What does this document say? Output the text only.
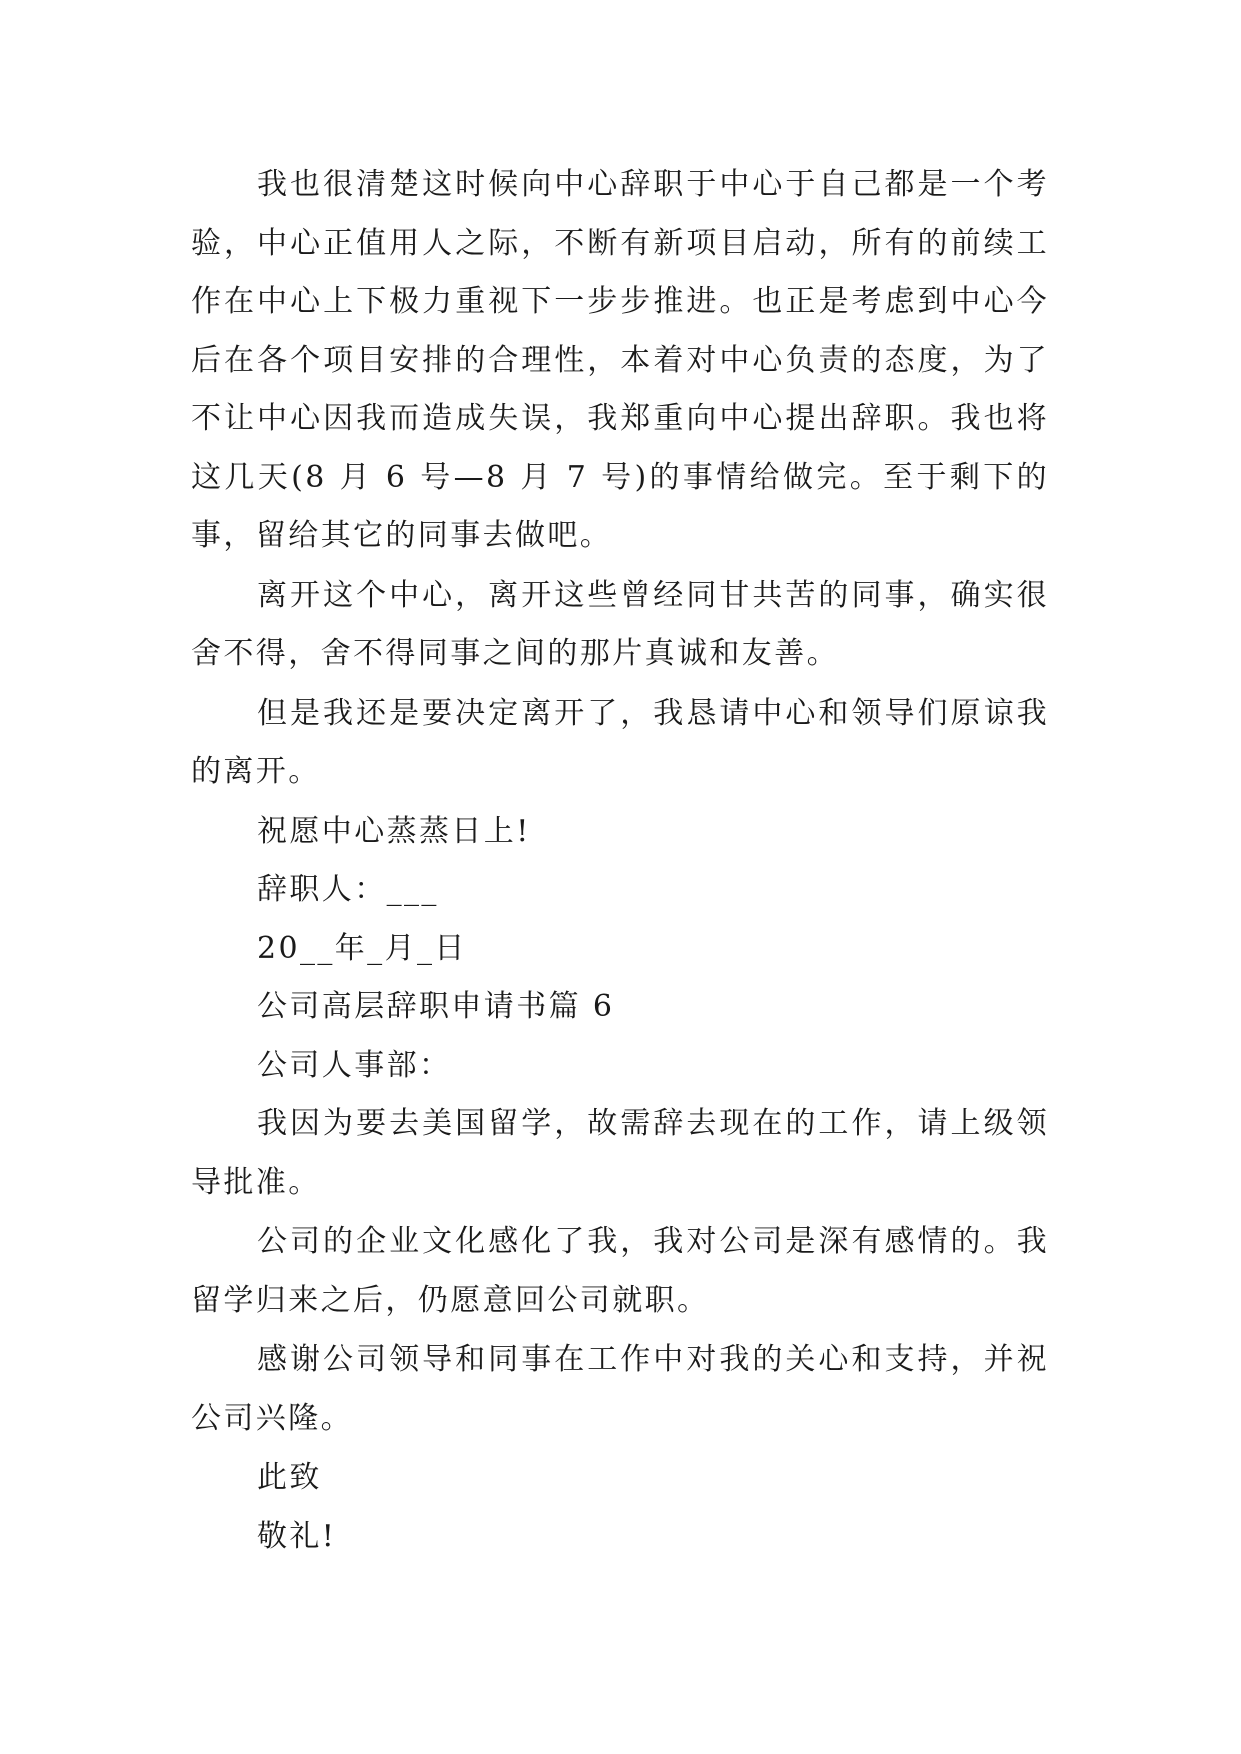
我也很清楚这时候向中心辞职于中心于自己都是一个考验，中心正值用人之际，不断有新项目启动，所有的前续工作在中心上下极力重视下一步步推进。也正是考虑到中心今后在各个项目安排的合理性，本着对中心负责的态度，为了不让中心因我而造成失误，我郑重向中心提出辞职。我也将这几天(8 月 6 号—8 月 7 号)的事情给做完。至于剩下的事，留给其它的同事去做吧。

离开这个中心，离开这些曾经同甘共苦的同事，确实很舍不得，舍不得同事之间的那片真诚和友善。

但是我还是要决定离开了，我恳请中心和领导们原谅我的离开。

祝愿中心蒸蒸日上!

辞职人：___

20__年_月_日

公司高层辞职申请书篇 6

公司人事部：

我因为要去美国留学，故需辞去现在的工作，请上级领导批准。

公司的企业文化感化了我，我对公司是深有感情的。我留学归来之后，仍愿意回公司就职。

感谢公司领导和同事在工作中对我的关心和支持，并祝公司兴隆。

此致

敬礼!
